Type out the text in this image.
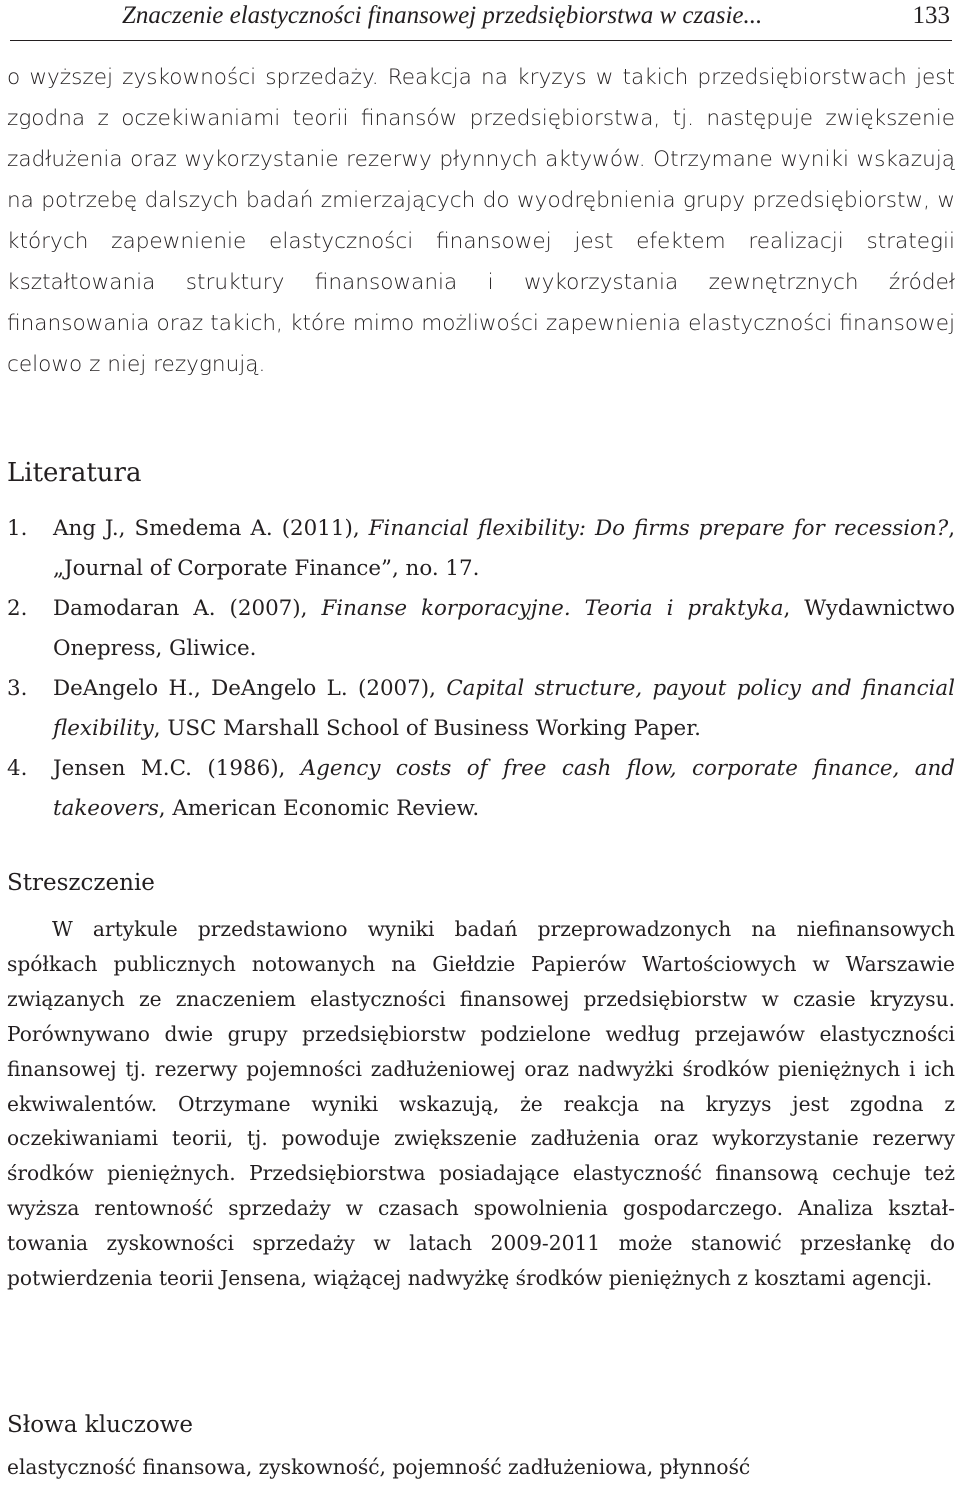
Znaczenie elastyczności finansowej przedsiębiorstwa w czasie...	133

o wyższej zyskowności sprzedaży. Reakcja na kryzys w takich przedsiębiorstwach jest zgodna z oczekiwaniami teorii finansów przedsiębiorstwa, tj. następuje zwiększenie zadłużenia oraz wykorzystanie rezerwy płynnych aktywów. Otrzymane wyniki wskazują na potrzebę dalszych badań zmierzających do wyodrębnienia grupy przedsiębiorstw, w których zapewnienie elastyczności finansowej jest efektem realizacji strategii kształtowania struktury finansowania i wykorzystania zewnętrznych źródeł finansowania oraz takich, które mimo możliwości zapewnienia elastyczności finansowej celowo z niej rezygnują.

Literatura
1. Ang J., Smedema A. (2011), Financial flexibility: Do firms prepare for recession?, „Journal of Corporate Finance”, no. 17.
2. Damodaran A. (2007), Finanse korporacyjne. Teoria i praktyka, Wydawnictwo Onepress, Gliwice.
3. DeAngelo H., DeAngelo L. (2007), Capital structure, payout policy and financial flexibility, USC Marshall School of Business Working Paper.
4. Jensen M.C. (1986), Agency costs of free cash flow, corporate finance, and takeovers, American Economic Review.
Streszczenie

W artykule przedstawiono wyniki badań przeprowadzonych na niefinansowych spółkach publicznych notowanych na Giełdzie Papierów Wartościowych w Warszawie związanych ze znaczeniem elastyczności finansowej przedsiębiorstw w czasie kryzysu. Porównywano dwie grupy przedsiębiorstw podzielone według przejawów elastyczności finansowej tj. rezerwy pojemności zadłużeniowej oraz nadwyżki środków pieniężnych i ich ekwiwalentów. Otrzymane wyniki wskazują, że reakcja na kryzys jest zgodna z oczekiwaniami teorii, tj. powoduje zwiększenie zadłużenia oraz wykorzystanie rezerwy środków pieniężnych. Przedsiębiorstwa posiadające elastyczność finansową cechuje też wyższa rentowność sprzedaży w czasach spowolnienia gospodarczego. Analiza kształtowania zyskowności sprzedaży w latach 2009-2011 może stanowić przesłankę do potwierdzenia teorii Jensena, wiążącej nadwyżkę środków pieniężnych z kosztami agencji.

Słowa kluczowe

elastyczność finansowa, zyskowność, pojemność zadłużeniowa, płynność
